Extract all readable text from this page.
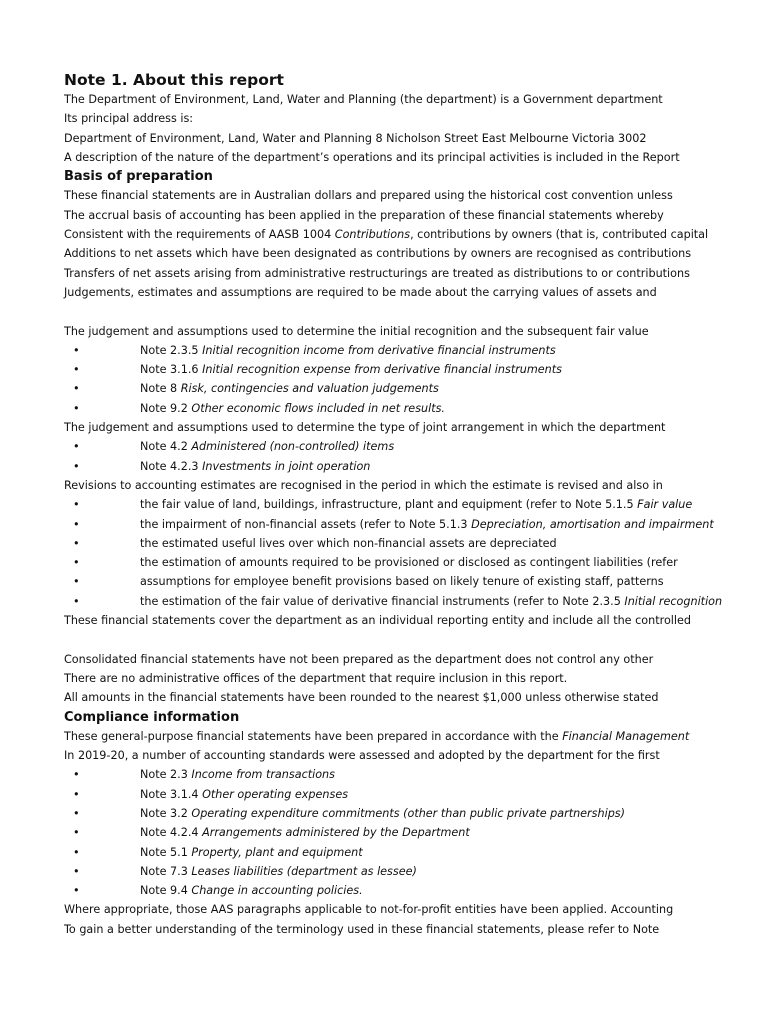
Note 1. About this report
The Department of Environment, Land, Water and Planning (the department) is a Government department
Its principal address is:
Department of Environment, Land, Water and Planning 8 Nicholson Street East Melbourne Victoria 3002
A description of the nature of the department’s operations and its principal activities is included in the Report
Basis of preparation
These financial statements are in Australian dollars and prepared using the historical cost convention unless
The accrual basis of accounting has been applied in the preparation of these financial statements whereby
Consistent with the requirements of AASB 1004 Contributions, contributions by owners (that is, contributed capital
Additions to net assets which have been designated as contributions by owners are recognised as contributions
Transfers of net assets arising from administrative restructurings are treated as distributions to or contributions
Judgements, estimates and assumptions are required to be made about the carrying values of assets and
The judgement and assumptions used to determine the initial recognition and the subsequent fair value
•	Note 2.3.5 Initial recognition income from derivative financial instruments
•	Note 3.1.6 Initial recognition expense from derivative financial instruments
•	Note 8 Risk, contingencies and valuation judgements
•	Note 9.2 Other economic flows included in net results.
The judgement and assumptions used to determine the type of joint arrangement in which the department
•	Note 4.2 Administered (non-controlled) items
•	Note 4.2.3 Investments in joint operation
Revisions to accounting estimates are recognised in the period in which the estimate is revised and also in
•	the fair value of land, buildings, infrastructure, plant and equipment (refer to Note 5.1.5 Fair value
•	the impairment of non-financial assets (refer to Note 5.1.3 Depreciation, amortisation and impairment
•	the estimated useful lives over which non-financial assets are depreciated
•	the estimation of amounts required to be provisioned or disclosed as contingent liabilities (refer
•	assumptions for employee benefit provisions based on likely tenure of existing staff, patterns
•	the estimation of the fair value of derivative financial instruments (refer to Note 2.3.5 Initial recognition
These financial statements cover the department as an individual reporting entity and include all the controlled
Consolidated financial statements have not been prepared as the department does not control any other
There are no administrative offices of the department that require inclusion in this report.
All amounts in the financial statements have been rounded to the nearest $1,000 unless otherwise stated
Compliance information
These general-purpose financial statements have been prepared in accordance with the Financial Management
In 2019-20, a number of accounting standards were assessed and adopted by the department for the first
•	Note 2.3 Income from transactions
•	Note 3.1.4 Other operating expenses
•	Note 3.2 Operating expenditure commitments (other than public private partnerships)
•	Note 4.2.4 Arrangements administered by the Department
•	Note 5.1 Property, plant and equipment
•	Note 7.3 Leases liabilities (department as lessee)
•	Note 9.4 Change in accounting policies.
Where appropriate, those AAS paragraphs applicable to not-for-profit entities have been applied. Accounting
To gain a better understanding of the terminology used in these financial statements, please refer to Note
